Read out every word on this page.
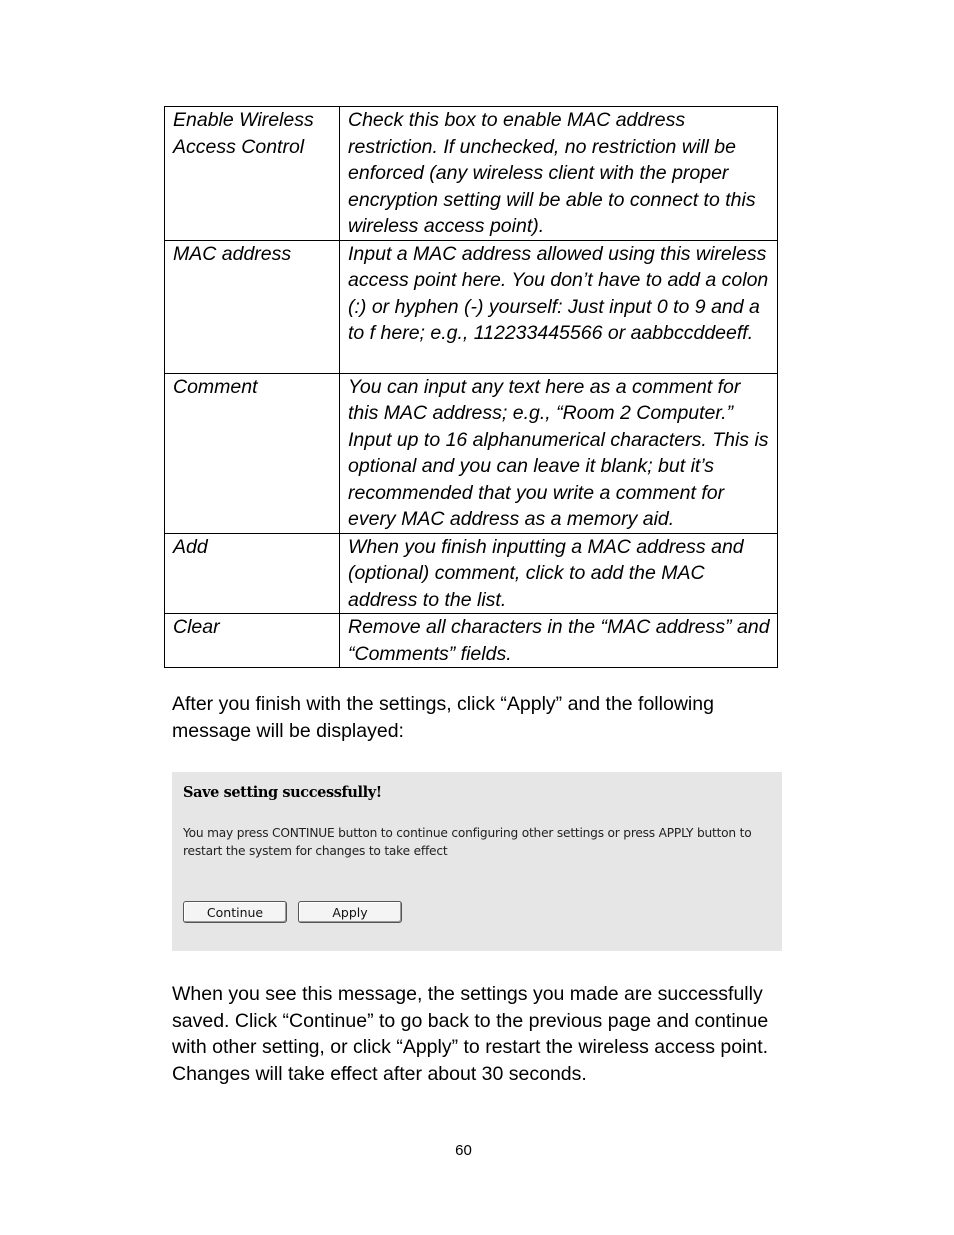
Enable Wireless Access Control	Check this box to enable MAC address restriction. If unchecked, no restriction will be enforced (any wireless client with the proper encryption setting will be able to connect to this wireless access point).
MAC address	Input a MAC address allowed using this wireless access point here. You don’t have to add a colon (:) or hyphen (-) yourself: Just input 0 to 9 and a to f here; e.g., 112233445566 or aabbccddeeff.
Comment	You can input any text here as a comment for this MAC address; e.g., “Room 2 Computer.” Input up to 16 alphanumerical characters. This is optional and you can leave it blank; but it’s recommended that you write a comment for every MAC address as a memory aid.
Add	When you finish inputting a MAC address and (optional) comment, click to add the MAC address to the list.
Clear	Remove all characters in the “MAC address” and “Comments” fields.

After you finish with the settings, click “Apply” and the following message will be displayed:

Save setting successfully!
You may press CONTINUE button to continue configuring other settings or press APPLY button to restart the system for changes to take effect
Continue	Apply

When you see this message, the settings you made are successfully saved. Click “Continue” to go back to the previous page and continue with other setting, or click “Apply” to restart the wireless access point. Changes will take effect after about 30 seconds.

60
